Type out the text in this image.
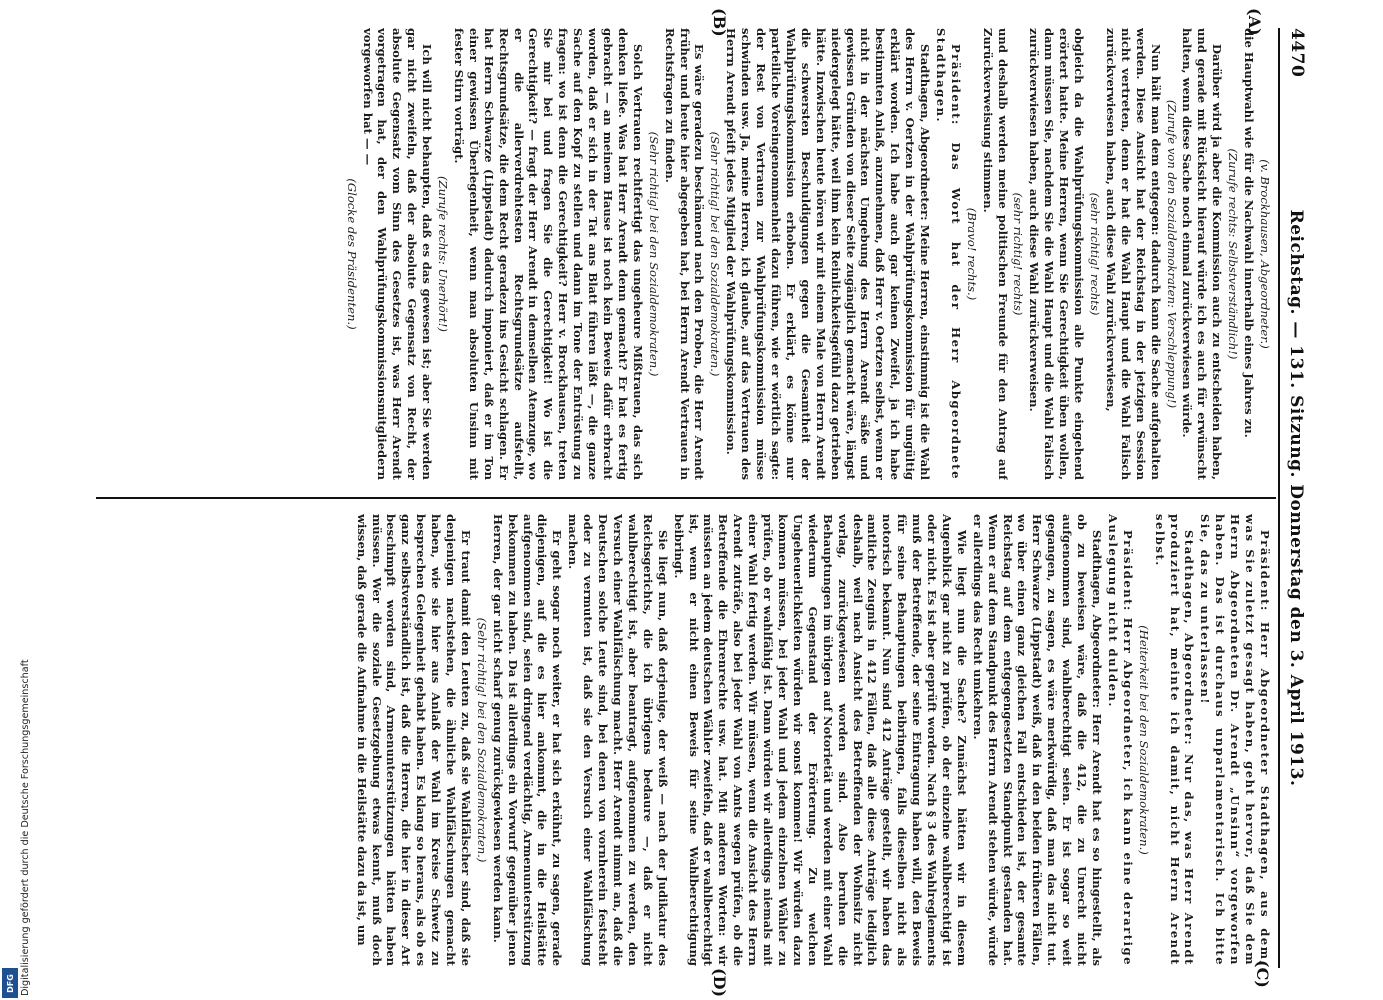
4470
Reichstag. — 131. Sitzung. Donnerstag den 3. April 1913.
(A)
(B)
(C)
(D)

(v. Brockhausen, Abgeordneter.)

die Hauptwahl wie für die Nachwahl innerhalb eines Jahres zu.

(Zurufe rechts: Selbstverständlich!)

Darüber wird ja aber die Kommission auch zu entscheiden haben, und gerade mit Rücksicht hierauf würde ich es auch für erwünscht halten, wenn diese Sache noch einmal zurückverwiesen würde.

(Zurufe von den Sozialdemokraten: Verschleppung!)

Nun hält man dem entgegen: dadurch kann die Sache aufgehalten werden. Diese Ansicht hat der Reichstag in der jetzigen Session nicht vertreten, denn er hat die Wahl Haupt und die Wahl Falisch zurückverwiesen haben, auch diese Wahl zurückverwiesen,

(sehr richtig! rechts)

obgleich da die Wahlprüfungskommission alle Punkte eingehend erörtert hatte. Meine Herren, wenn Sie Gerechtigkeit üben wollen, dann müssen Sie, nachdem Sie die Wahl Haupt und die Wahl Falisch zurückverwiesen haben, auch diese Wahl zurückverweisen.

(sehr richtig! rechts)

und deshalb werden meine politischen Freunde für den Antrag auf Zurückverweisung stimmen.

(Bravo! rechts.)

Präsident: Das Wort hat der Herr Abgeordnete Stadthagen.

Stadthagen, Abgeordneter: Meine Herren, einstimmig ist die Wahl des Herrn v. Oertzen in der Wahlprüfungskommission für ungültig erklärt worden. Ich habe auch gar keinen Zweifel, ja ich habe bestimmten Anlaß, anzunehmen, daß Herr v. Oertzen selbst, wenn er nicht in der nächsten Umgebung des Herrn Arendt säße und gewissen Gründen von dieser Seite zugänglich gemacht wäre, längst niedergelegt hätte, weil ihm kein Reinlichkeitsgefühl dazu getrieben hätte. Inzwischen heute hören wir mit einem Male von Herrn Arendt die schwersten Beschuldigungen gegen die Gesamtheit der Wahlprüfungskommission erhoben. Er erklärt, es könne nur parteiliche Voreingenommenheit dazu führen, wie er wörtlich sagte: der Rest von Vertrauen zur Wahlprüfungskommission müsse schwinden usw. Ja, meine Herren, ich glaube, auf das Vertrauen des Herrn Arendt pfeift jedes Mitglied der Wahlprüfungskommission.

(Sehr richtig! bei den Sozialdemokraten.)

Es wäre geradezu beschämend nach den Proben, die Herr Arendt früher und heute hier abgegeben hat, bei Herrn Arendt Vertrauen in Rechtsfragen zu finden.

(Sehr richtig! bei den Sozialdemokraten.)

Solch Vertrauen rechtfertigt das ungeheure Mißtrauen, das sich denken ließe. Was hat Herr Arendt denn gemacht? Er hat es fertig gebracht — an meinem Hause ist noch kein Beweis dafür erbracht worden, daß er sich in der Tat ans Blatt führen läßt —, die ganze Sache auf den Kopf zu stellen und dann im Tone der Entrüstung zu fragen: wo ist denn die Gerechtigkeit? Herr v. Brockhausen, treten Sie mir bei und fragen Sie die Gerechtigkeit! Wo ist die Gerechtigkeit? — fragt der Herr Arendt in demselben Atemzuge, wo er die allerverdrehtesten Rechtsgrundsätze aufstellt, Rechtsgrundsätze, die dem Recht geradezu ins Gesicht schlagen. Er hat Herrn Schwarze (Lippstadt) dadurch imponiert, daß er im Ton einer gewissen Überlegenheit, wenn man absoluten Unsinn mit fester Stirn vorträgt.

(Zurufe rechts: Unerhört!)

Ich will nicht behaupten, daß es das gewesen ist; aber Sie werden gar nicht zweifeln, daß der absolute Gegensatz von Recht, der absolute Gegensatz vom Sinn des Gesetzes ist, was Herr Arendt vorgetragen hat, der den Wahlprüfungskommissionsmitgliedern vorgeworfen hat — —

(Glocke des Präsidenten.)

Präsident: Herr Abgeordneter Stadthagen, aus dem, was Sie zuletzt gesagt haben, geht hervor, daß Sie dem Herrn Abgeordneten Dr. Arendt „Unsinn“ vorgeworfen haben. Das ist durchaus unparlamentarisch. Ich bitte Sie, das zu unterlassen!

Stadthagen, Abgeordneter: Nur das, was Herr Arendt produziert hat, meinte ich damit, nicht Herrn Arendt selbst.

(Heiterkeit bei den Sozialdemokraten.)

Präsident: Herr Abgeordneter, ich kann eine derartige Auslegung nicht dulden.

Stadthagen, Abgeordneter: Herr Arendt hat es so hingestellt, als ob zu beweisen wäre, daß die 412, die zu Unrecht nicht aufgenommen sind, wahlberechtigt seien. Er ist sogar so weit gegangen, zu sagen, es wäre merkwürdig, daß man das nicht tut. Herr Schwarze (Lippstadt) weiß, daß in den beiden früheren Fällen, wo über einen ganz gleichen Fall entschieden ist, der gesamte Reichstag auf dem entgegengesetzten Standpunkt gestanden hat. Wenn er auf dem Standpunkt des Herrn Arendt stehen würde, würde er allerdings das Recht umkehren.

Wie liegt nun die Sache? Zunächst hätten wir in diesem Augenblick gar nicht zu prüfen, ob der einzelne wahlberechtigt ist oder nicht. Es ist aber geprüft worden. Nach § 3 des Wahlreglements muß der Betreffende, der seine Eintragung haben will, den Beweis für seine Behauptungen beibringen, falls dieselben nicht als notorisch bekannt. Nun sind 412 Anträge gestellt, wir haben das amtliche Zeugnis in 412 Fällen, daß alle diese Anträge lediglich deshalb, weil nach Ansicht des Betreffenden der Wohnsitz nicht vorlag, zurückgewiesen worden sind. Also beruhen die Behauptungen im übrigen auf Notorietät und werden mit einer Wahl wiederum Gegenstand der Erörterung. Zu welchen Ungeheuerlichkeiten würden wir sonst kommen! Wir würden dazu kommen müssen, bei jeder Wahl und jedem einzelnen Wähler zu prüfen, ob er wahlfähig ist. Dann würden wir allerdings niemals mit einer Wahl fertig werden. Wir müssen, wenn die Ansicht des Herrn Arendt zuträfe, also bei jeder Wahl von Amts wegen prüfen, ob die Betreffende die Ehrenrechte usw. hat. Mit anderen Worten: wir müssten an jedem deutschen Wähler zweifeln, daß er wahlberechtigt ist, wenn er nicht einen Beweis für seine Wahlberechtigung beibringt.

Sie liegt nun, daß derjenige, der weiß — nach der Judikatur des Reichsgerichts, die ich übrigens bedaure —, daß er nicht wahlberechtigt ist, aber beantragt, aufgenommen zu werden, den Versuch einer Wahlfälschung macht. Herr Arendt nimmt an, daß die Deutschen solche Leute sind, bei denen von vornherein feststeht oder zu vermuten ist, daß sie den Versuch einer Wahlfälschung machen.

Er geht sogar noch weiter, er hat sich erkühnt, zu sagen, gerade diejenigen, auf die es hier ankommt, die in die Heilstätte aufgenommen sind, seien dringend verdächtig, Armenunterstützung bekommen zu haben. Da ist allerdings ein Vorwurf gegenüber jenen Herren, der gar nicht scharf genug zurückgewiesen werden kann.

(Sehr richtig! bei den Sozialdemokraten.)

Er traut damit den Leuten zu, daß sie Wahlfälscher sind, daß sie denjenigen nachstehen, die ähnliche Wahlfälschungen gemacht haben, wie sie hier aus Anlaß der Wahl im Kreise Schwetz zu besprechen Gelegenheit gehabt haben. Es klang so heraus, als ob es ganz selbstverständlich ist, daß die Herren, die hier in dieser Art beschimpft worden sind, Armenunterstützungen hätten haben müssen. Wer die soziale Gesetzgebung etwas kennt, muß doch wissen, daß gerade die Aufnahme in die Heilstätte dazu da ist, um

Digitalisierung gefördert durch die Deutsche Forschungsgemeinschaft
DFG
